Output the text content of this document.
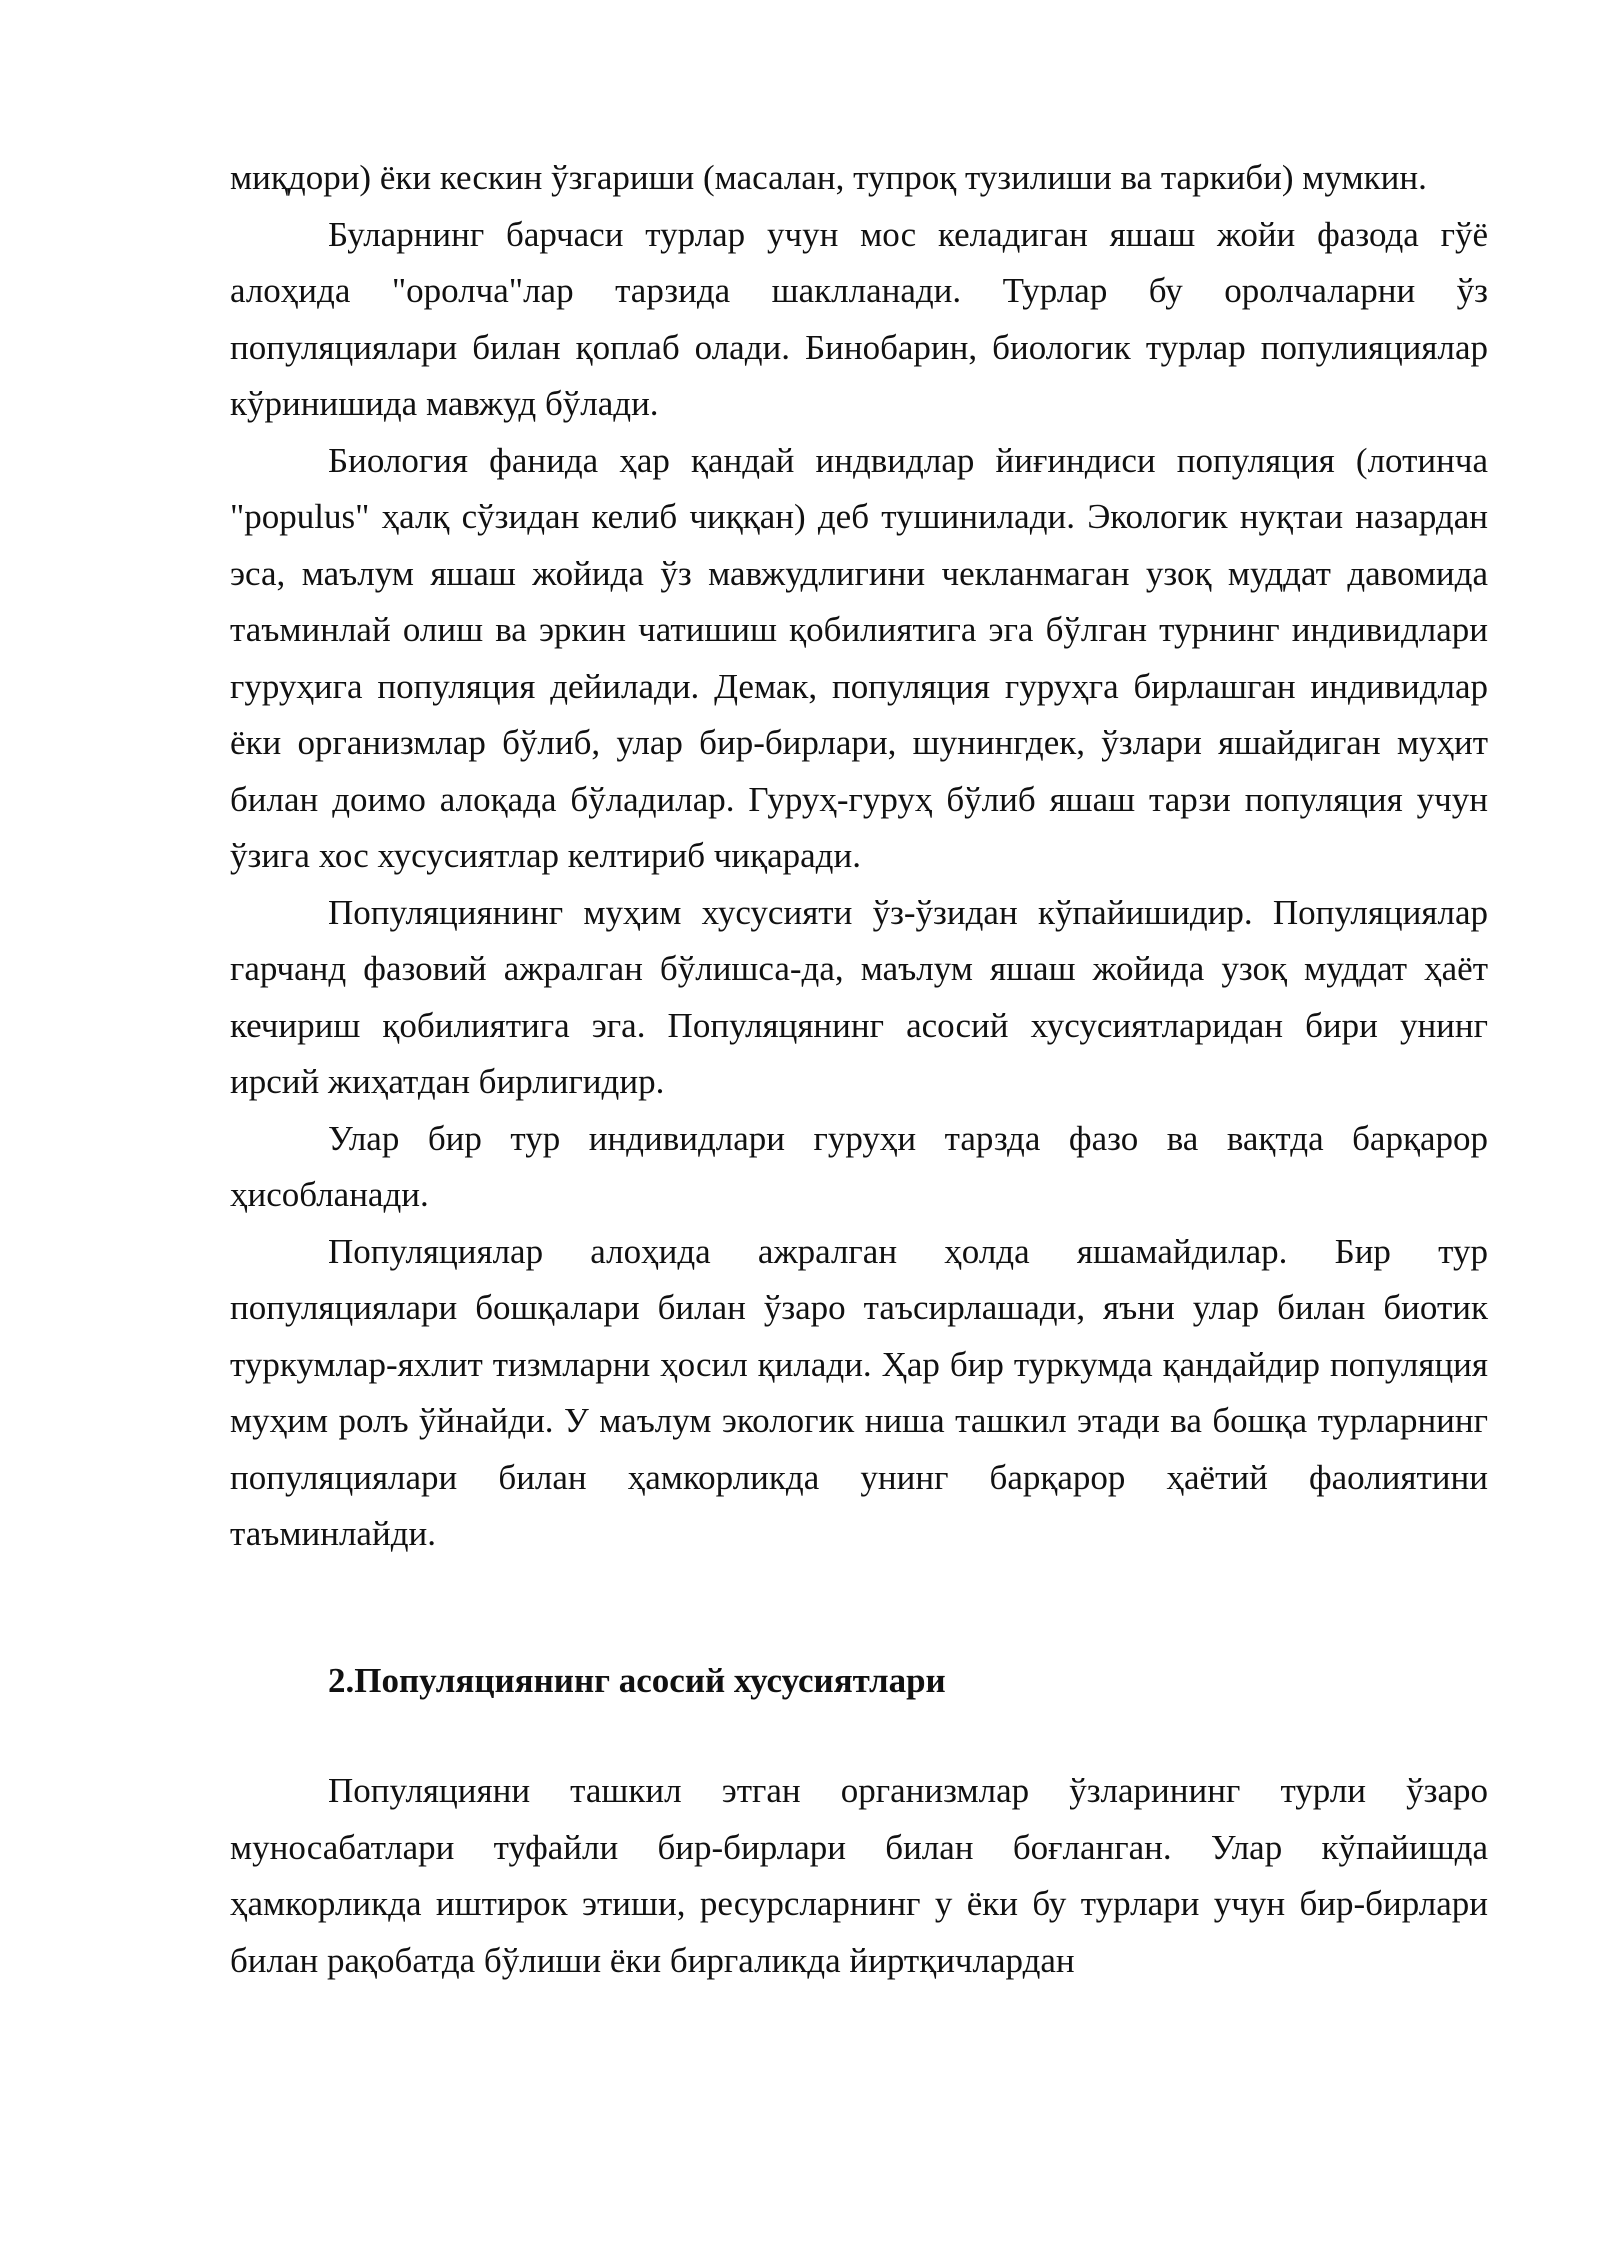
миқдори) ёки кескин ўзгариши (масалан, тупроқ тузилиши ва таркиби) мумкин.

Буларнинг барчаси турлар учун мос келадиган яшаш жойи фазода гўё алоҳида "оролча"лар тарзида шаклланади. Турлар бу оролчаларни ўз популяциялари билан қоплаб олади. Бинобарин, биологик турлар популияциялар кўринишида мавжуд бўлади.

Биология фанида ҳар қандай индвидлар йиғиндиси популяция (лотинча "populus" ҳалқ сўзидан келиб чиққан) деб тушинилади. Экологик нуқтаи назардан эса, маълум яшаш жойида ўз мавжудлигини чекланмаган узоқ муддат давомида таъминлай олиш ва эркин чатишиш қобилиятига эга бўлган турнинг индивидлари гуруҳига популяция дейилади. Демак, популяция гуруҳга бирлашган индивидлар ёки организмлар бўлиб, улар бир-бирлари, шунингдек, ўзлари яшайдиган муҳит билан доимо алоқада бўладилар. Гуруҳ-гуруҳ бўлиб яшаш тарзи популяция учун ўзига хос хусусиятлар келтириб чиқаради.

Популяциянинг муҳим хусусияти ўз-ўзидан кўпайишидир. Популяциялар гарчанд фазовий ажралган бўлишса-да, маълум яшаш жойида узоқ муддат ҳаёт кечириш қобилиятига эга. Популяцянинг асосий хусусиятларидан бири унинг ирсий жиҳатдан бирлигидир.

Улар бир тур индивидлари гуруҳи тарзда фазо ва вақтда барқарор ҳисобланади.

Популяциялар алоҳида ажралган ҳолда яшамайдилар. Бир тур популяциялари бошқалари билан ўзаро таъсирлашади, яъни улар билан биотик туркумлар-яхлит тизмларни ҳосил қилади. Ҳар бир туркумда қандайдир популяция муҳим ролъ ўйнайди. У маълум экологик ниша ташкил этади ва бошқа турларнинг популяциялари билан ҳамкорликда унинг барқарор ҳаётий фаолиятини таъминлайди.

2.Популяциянинг асосий хусусиятлари

Популяцияни ташкил этган организмлар ўзларининг турли ўзаро муносабатлари туфайли бир-бирлари билан боғланган. Улар кўпайишда ҳамкорликда иштирок этиши, ресурсларнинг у ёки бу турлари учун бир-бирлари билан рақобатда бўлиши ёки биргаликда йиртқичлардан
